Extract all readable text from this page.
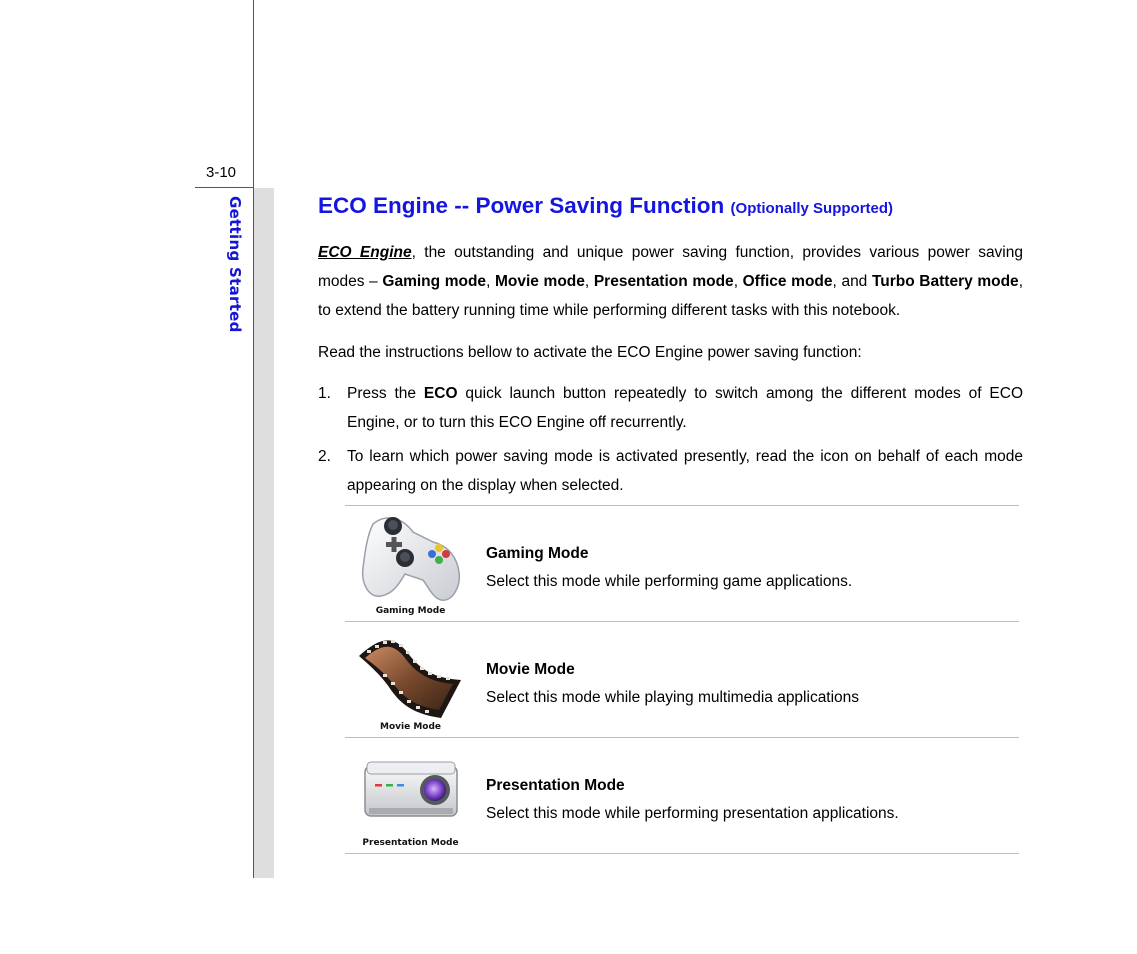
3-10
Getting Started	ECO Engine -- Power Saving Function (Optionally Supported)

ECO Engine, the outstanding and unique power saving function, provides various power saving modes – Gaming mode, Movie mode, Presentation mode, Office mode, and Turbo Battery mode, to extend the battery running time while performing different tasks with this notebook.

Read the instructions bellow to activate the ECO Engine power saving function:

1. Press the ECO quick launch button repeatedly to switch among the different modes of ECO Engine, or to turn this ECO Engine off recurrently.
2. To learn which power saving mode is activated presently, read the icon on behalf of each mode appearing on the display when selected.
Gaming Mode
Gaming Mode
Select this mode while performing game applications.
Movie Mode
Movie Mode
Select this mode while playing multimedia applications
Presentation Mode
Presentation Mode
Select this mode while performing presentation applications.
